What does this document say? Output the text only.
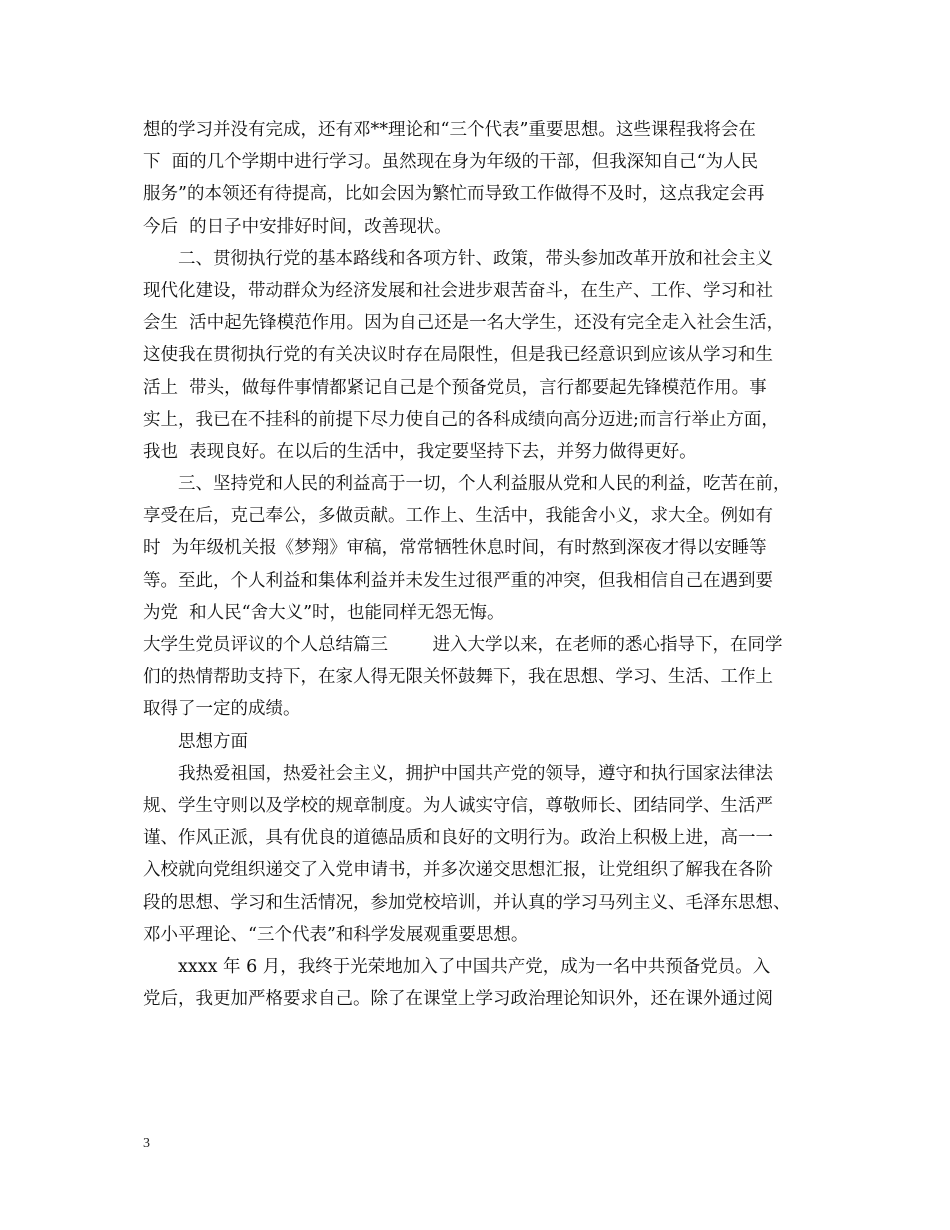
想的学习并没有完成，还有邓**理论和“三个代表”重要思想。这些课程我将会在
下  面的几个学期中进行学习。虽然现在身为年级的干部，但我深知自己“为人民
服务”的本领还有待提高，比如会因为繁忙而导致工作做得不及时，这点我定会再
今后  的日子中安排好时间，改善现状。
二、贯彻执行党的基本路线和各项方针、政策，带头参加改革开放和社会主义
现代化建设，带动群众为经济发展和社会进步艰苦奋斗，在生产、工作、学习和社
会生  活中起先锋模范作用。因为自己还是一名大学生，还没有完全走入社会生活，
这使我在贯彻执行党的有关决议时存在局限性，但是我已经意识到应该从学习和生
活上  带头，做每件事情都紧记自己是个预备党员，言行都要起先锋模范作用。事
实上，我已在不挂科的前提下尽力使自己的各科成绩向高分迈进;而言行举止方面，
我也  表现良好。在以后的生活中，我定要坚持下去，并努力做得更好。
三、坚持党和人民的利益高于一切，个人利益服从党和人民的利益，吃苦在前，
享受在后，克己奉公，多做贡献。工作上、生活中，我能舍小义，求大全。例如有
时  为年级机关报《梦翔》审稿，常常牺牲休息时间，有时熬到深夜才得以安睡等
等。至此，个人利益和集体利益并未发生过很严重的冲突，但我相信自己在遇到要
为党  和人民“舍大义”时，也能同样无怨无悔。
大学生党员评议的个人总结篇三        进入大学以来，在老师的悉心指导下，在同学
们的热情帮助支持下，在家人得无限关怀鼓舞下，我在思想、学习、生活、工作上
取得了一定的成绩。
思想方面
我热爱祖国，热爱社会主义，拥护中国共产党的领导，遵守和执行国家法律法
规、学生守则以及学校的规章制度。为人诚实守信，尊敬师长、团结同学、生活严
谨、作风正派，具有优良的道德品质和良好的文明行为。政治上积极上进，高一一
入校就向党组织递交了入党申请书，并多次递交思想汇报，让党组织了解我在各阶
段的思想、学习和生活情况，参加党校培训，并认真的学习马列主义、毛泽东思想、
邓小平理论、“三个代表”和科学发展观重要思想。
xxxx 年 6 月，我终于光荣地加入了中国共产党，成为一名中共预备党员。入
党后，我更加严格要求自己。除了在课堂上学习政治理论知识外，还在课外通过阅
3
